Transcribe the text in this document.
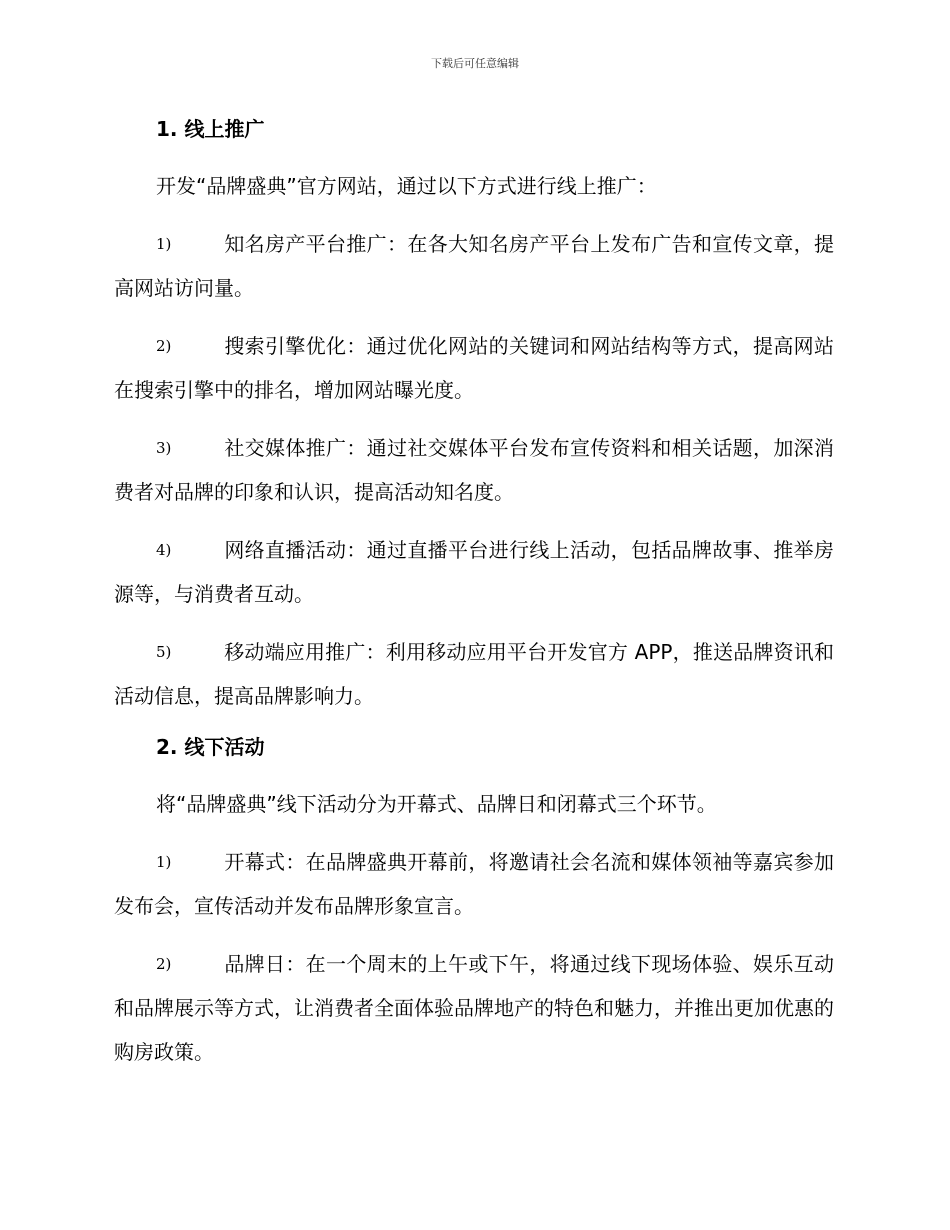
下载后可任意编辑
1. 线上推广

开发“品牌盛典”官方网站，通过以下方式进行线上推广：

1)	知名房产平台推广：在各大知名房产平台上发布广告和宣传文章，提高网站访问量。

2)	搜索引擎优化：通过优化网站的关键词和网站结构等方式，提高网站在搜索引擎中的排名，增加网站曝光度。

3)	社交媒体推广：通过社交媒体平台发布宣传资料和相关话题，加深消费者对品牌的印象和认识，提高活动知名度。

4)	网络直播活动：通过直播平台进行线上活动，包括品牌故事、推举房源等，与消费者互动。

5)	移动端应用推广：利用移动应用平台开发官方 APP，推送品牌资讯和活动信息，提高品牌影响力。

2. 线下活动

将“品牌盛典”线下活动分为开幕式、品牌日和闭幕式三个环节。

1)	开幕式：在品牌盛典开幕前，将邀请社会名流和媒体领袖等嘉宾参加发布会，宣传活动并发布品牌形象宣言。

2)	品牌日：在一个周末的上午或下午，将通过线下现场体验、娱乐互动和品牌展示等方式，让消费者全面体验品牌地产的特色和魅力，并推出更加优惠的购房政策。
